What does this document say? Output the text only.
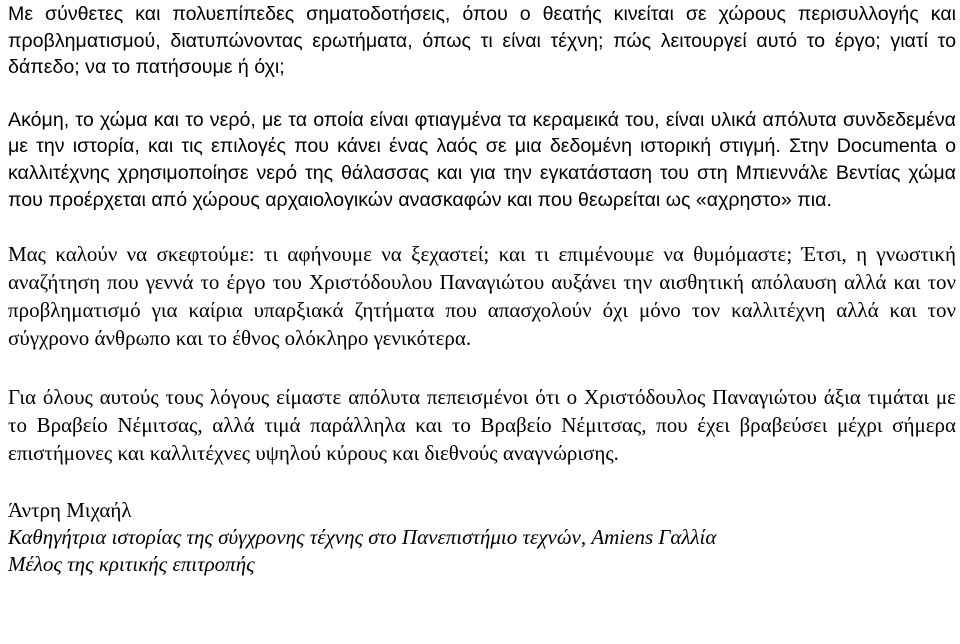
Με σύνθετες και πολυεπίπεδες σηματοδοτήσεις, όπου ο θεατής κινείται σε χώρους περισυλλογής και προβληματισμού, διατυπώνοντας ερωτήματα, όπως τι είναι τέχνη; πώς λειτουργεί αυτό το έργο; γιατί το δάπεδο; να το πατήσουμε ή όχι;

Ακόμη, το χώμα και το νερό, με τα οποία είναι φτιαγμένα τα κεραμεικά του, είναι υλικά απόλυτα συνδεδεμένα με την ιστορία, και τις επιλογές που κάνει ένας λαός σε μια δεδομένη ιστορική στιγμή. Στην Documenta ο καλλιτέχνης χρησιμοποίησε νερό της θάλασσας και για την εγκατάσταση του στη Μπιεννάλε Βεντίας χώμα που προέρχεται από χώρους αρχαιολογικών ανασκαφών και που θεωρείται ως «αχρηστο» πια.

Μας καλούν να σκεφτούμε: τι αφήνουμε να ξεχαστεί; και τι επιμένουμε να θυμόμαστε; Έτσι, η γνωστική αναζήτηση που γεννά το έργο του Χριστόδουλου Παναγιώτου αυξάνει την αισθητική απόλαυση αλλά και τον προβληματισμό για καίρια υπαρξιακά ζητήματα που απασχολούν όχι μόνο τον καλλιτέχνη αλλά και τον σύγχρονο άνθρωπο και το έθνος ολόκληρο γενικότερα.

Για όλους αυτούς τους λόγους είμαστε απόλυτα πεπεισμένοι ότι ο Χριστόδουλος Παναγιώτου άξια τιμάται με το Βραβείο Νέμιτσας, αλλά τιμά παράλληλα και το Βραβείο Νέμιτσας, που έχει βραβεύσει μέχρι σήμερα επιστήμονες και καλλιτέχνες υψηλού κύρους και διεθνούς αναγνώρισης.

Άντρη Μιχαήλ

Καθηγήτρια ιστορίας της σύγχρονης τέχνης στο Πανεπιστήμιο τεχνών, Amiens Γαλλία

Μέλος της κριτικής επιτροπής
